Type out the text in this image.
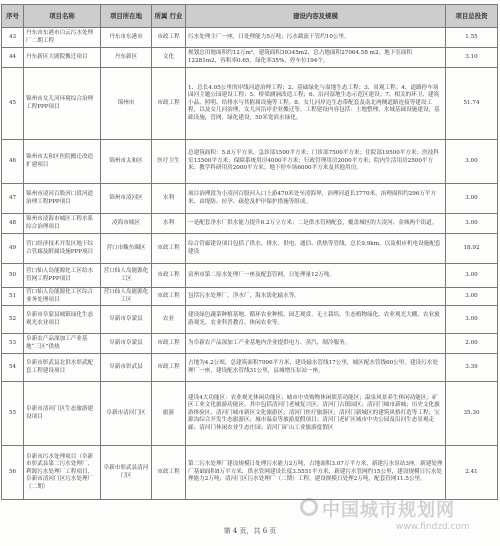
序号	项目名称	项目所在地	所属 行业	建设内容及规模	项目总投资
43	丹东市东港市白云污水处理厂二期工程	丹东市东港市	市政工程	污水处理主厂一座，日处理能力5万吨；污水截流干管约10公里。	1.55
44	丹东新区大剧院搬迁项目	丹东新区	文化	规划总用地面积约12万m²，建筑面积39345m2，总占地面积27064.58 m2，地下室面积12281m2，容积率0.65，绿化率35%，停车位194个。	3.10
45	锦州市女儿河环境综合治理工程PPP项目	锦州市	市政工程	1、总长4.05公里的岸线河道治理工程；2、基础绿化与湿地生态工程；3、景观工程；4、道路停车场园河主题公园建设工程；5、桥梁涵洞改造工程；6、沿河湿地生态示范区建设；7、相关的环卫、建筑小品、照明、给排水与其附属设施等工程。8、女儿河岸边生态带配套及南北两侧道路连接等建设工程，以及女儿河治理，女儿河沿岸企业搬迁等。工程建设内容包括：土地整理、水域基础设施建设，基础设施，管网、绿化建设，50米宽滨水绿化。	51.74
46	锦州市太和区医院搬迁改造扩建项目	锦州市太和区	医疗卫生	总建筑面积：5.8万平方米，急诊部1500平方米；门诊部7500平方米；住院部19500平方米；医技科室13500平方米；保障系统用房4000平方米；行政管理用房2000平方米；院内生活用房2500平方米；教学科研用房2000平方米；地下停车场6000平方米及其他用房。	3.00
47	锦州市凌河百股河口段河道治理工程PPP项目	锦州市凌河区	水利	项目治理段为小凌河百股河入口上游470米处至凌海界，治理河道长3770米，治理面积约296万平方米，由堤防、拉孕、疏挖及护岸保护措施等组成。	3.00
48	锦州市凌海市城区工程水系综合治理项目	凌海市城区	水利	一是配套净水厂供水能力提升6.2万立方米；二是供水管网配套，覆盖城区的大凌河、金城两个街道。	3.00
49	营口经济技术开发区地下综合管廊及附属设施PPP项目	营口市鲅鱼圈区	市政工程	综合管廊建设项目包括了供水、排水、供电、通信、供热等管线，总长9.9km，以及相应机电设施配套建设	18.92
50	营口仙人岛能源化工区给水管网工程PPP项目	营口仙人岛能源化工区	市政工程	富州市第二原水处理厂一座及配套管网，日处理量12万吨。	3.00
51	营口仙人岛能源化工区综合业务处理项目	营口仙人岛能源化工区	市政工程	包括污水处理厂，净水厂，海水淡化输水等。	3.00
52	阜新市阜蒙县城镇绿化生态观光农业项目	阜新市阜蒙县	农业	建设绿色蔬菜种植基地、循环农业种植、园艺观赏、无土栽培、生态植物绿化、农业观光大棚、农业旅游观光、农业科普教育、休闲农业等。	3.00
53	阜新农产品深加工产业基地“三区”供热	阜新市阜蒙县	市政工程	为阜新农产品深加工产业基地内企业提供电力、蒸汽、制冷服务。	2.00
54	阜新市彰武县北供水彰武配套工程建设项目	阜新市彰武县	市政工程	占地为4.2公顷，总建筑面积7996平方米，建设输水管线17公里，城区配水管线60公里，建设污水处理厂一座，建设配水管线31公里，县城增压泵站一座。	3.39
55	阜新市清河门区生态旅游建设项目	阜新市清河门区	旅游	建设4大功能区：农业观光休闲功能区；城市中央购物休闲娱乐功能区；温泉风景养生休闲功能区；矿区工业文化旅游功能区。其中包括清河门老城复兴区；清河门古镇园区；清河门城市新城；历史文化旅游体验区、清河门城市新区文化旅游区；清河门医疗旅游区；清河门新城区的建筑风格打造等工程；宝源沟综合开发生态旅游区；城市温泉等旅游度假项目；清河门老矿区城市中央公园及沿河生态景观走廊；清河门休闲农业生态庄园；清河门矿山工业旅游度假区	35.30
56	阜新市污水处理项目（阜新市彰武县第二污水处理厂、利源污水处理厂工程项目、阜新市清河门区污水处理厂（二期）	阜新市彰武县清河门区	市政工程	第二污水处理厂建设规模日处理污水能力2万吨，占地面积3.07万平方米，新建污水泵站3座。新建处理厂基础面积8万平方米，供水管网建设长度3.5551平方米，新建污水管网约15公里，建设规模日污水处理能力2万吨；清河门区污水处理厂（二期）工程，建设规模日处理2万吨，配套管网11.5公里。	2.41
中国城市规划网
www.findzd.com
第 4 页，共 6 页
